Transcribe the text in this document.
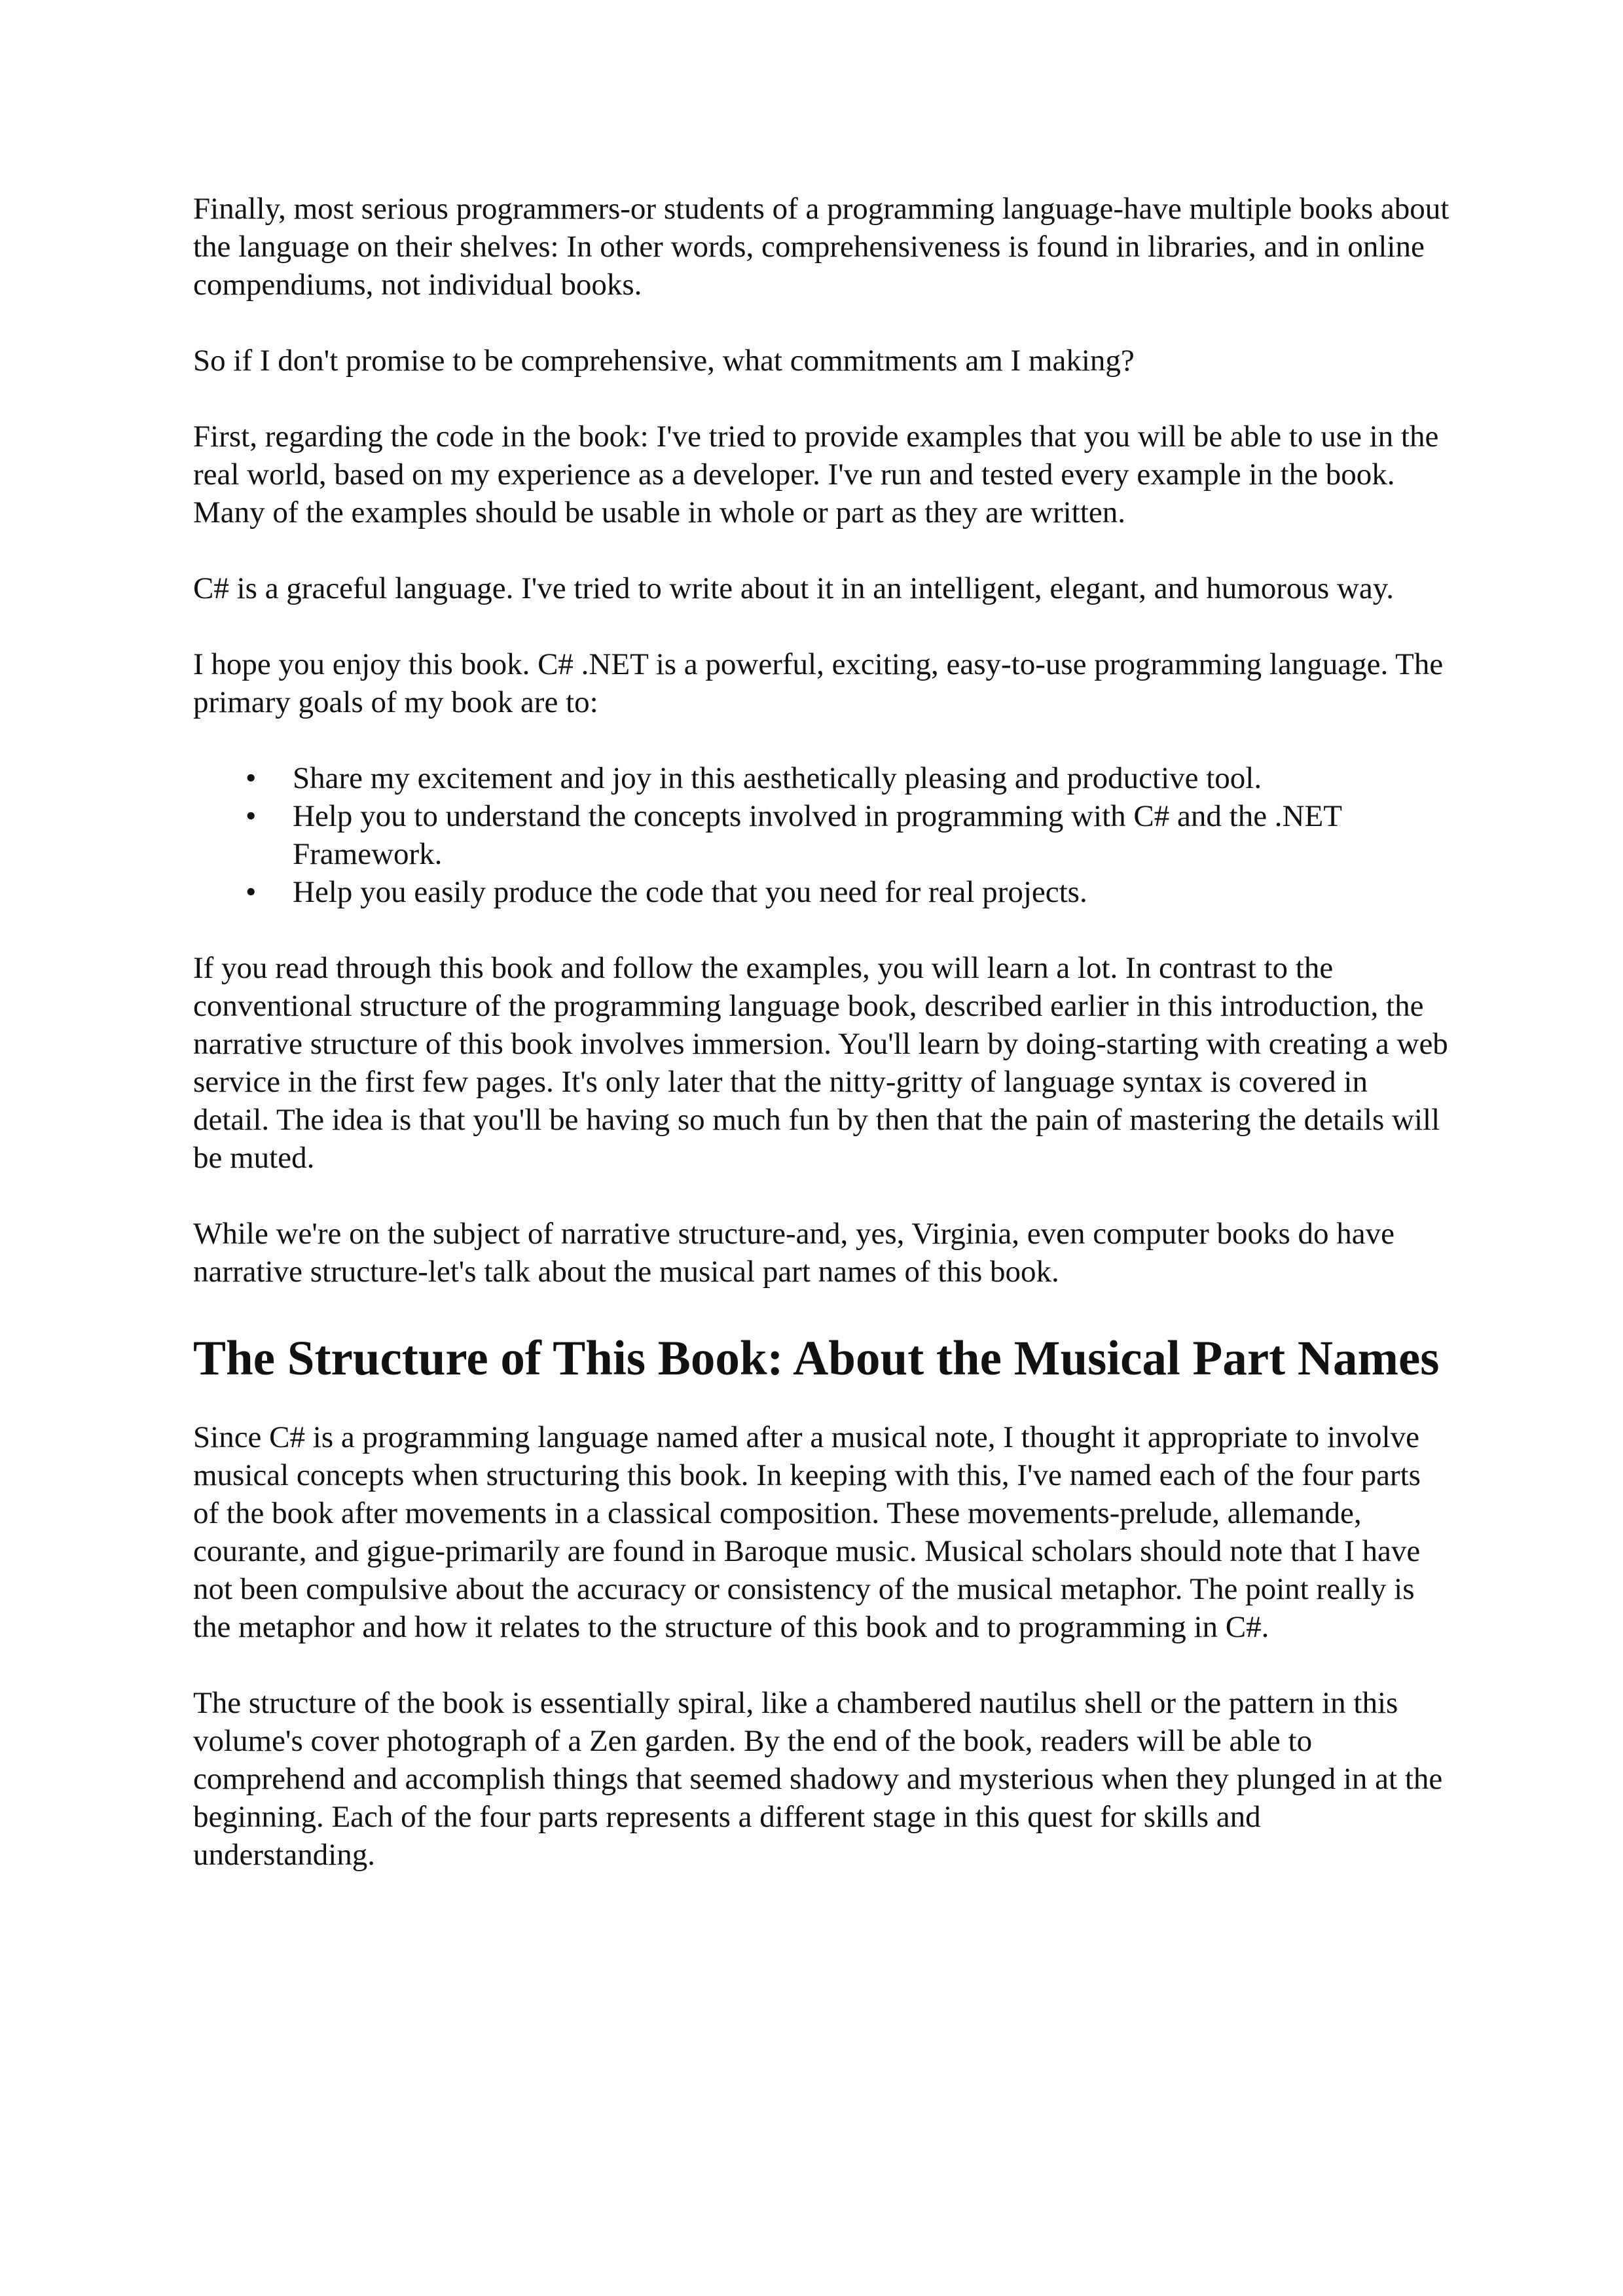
Finally, most serious programmers-or students of a programming language-have multiple books about the language on their shelves: In other words, comprehensiveness is found in libraries, and in online compendiums, not individual books.

So if I don't promise to be comprehensive, what commitments am I making?

First, regarding the code in the book: I've tried to provide examples that you will be able to use in the real world, based on my experience as a developer. I've run and tested every example in the book. Many of the examples should be usable in whole or part as they are written.

C# is a graceful language. I've tried to write about it in an intelligent, elegant, and humorous way.

I hope you enjoy this book. C# .NET is a powerful, exciting, easy-to-use programming language. The primary goals of my book are to:

• Share my excitement and joy in this aesthetically pleasing and productive tool.
• Help you to understand the concepts involved in programming with C# and the .NET Framework.
• Help you easily produce the code that you need for real projects.

If you read through this book and follow the examples, you will learn a lot. In contrast to the conventional structure of the programming language book, described earlier in this introduction, the narrative structure of this book involves immersion. You'll learn by doing-starting with creating a web service in the first few pages. It's only later that the nitty-gritty of language syntax is covered in detail. The idea is that you'll be having so much fun by then that the pain of mastering the details will be muted.

While we're on the subject of narrative structure-and, yes, Virginia, even computer books do have narrative structure-let's talk about the musical part names of this book.

The Structure of This Book: About the Musical Part Names

Since C# is a programming language named after a musical note, I thought it appropriate to involve musical concepts when structuring this book. In keeping with this, I've named each of the four parts of the book after movements in a classical composition. These movements-prelude, allemande, courante, and gigue-primarily are found in Baroque music. Musical scholars should note that I have not been compulsive about the accuracy or consistency of the musical metaphor. The point really is the metaphor and how it relates to the structure of this book and to programming in C#.

The structure of the book is essentially spiral, like a chambered nautilus shell or the pattern in this volume's cover photograph of a Zen garden. By the end of the book, readers will be able to comprehend and accomplish things that seemed shadowy and mysterious when they plunged in at the beginning. Each of the four parts represents a different stage in this quest for skills and understanding.
